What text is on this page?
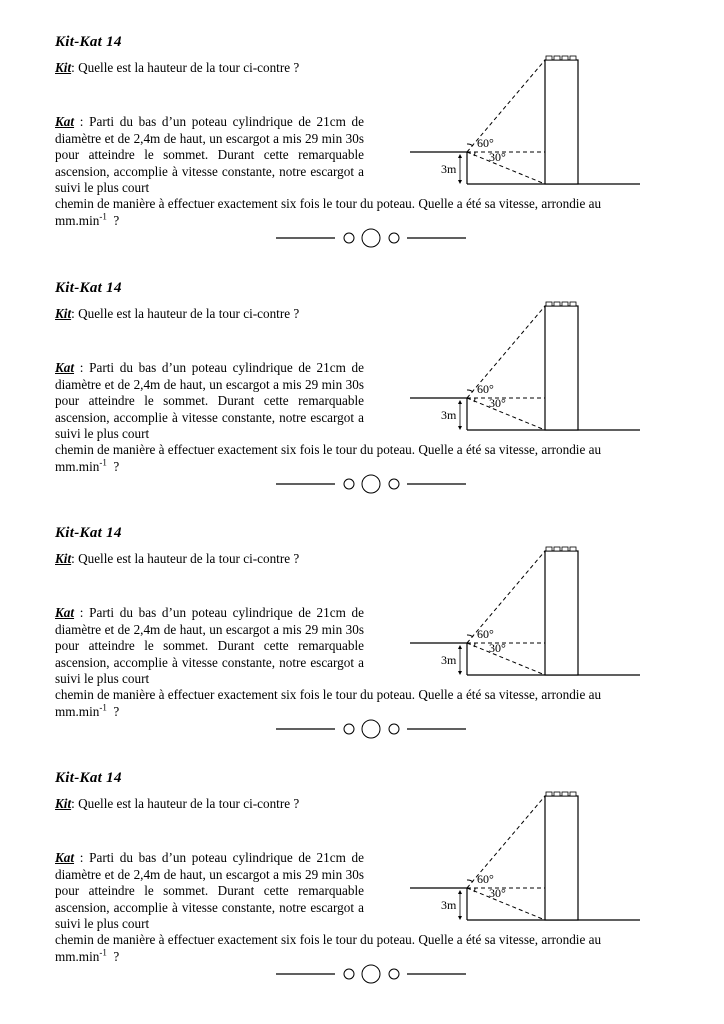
Kit-Kat 14
Kit: Quelle est la hauteur de la tour ci-contre ?

Kat : Parti du bas d’un poteau cylindrique de 21cm de diamètre et de 2,4m de haut, un escargot a mis 29 min 30s pour atteindre le sommet. Durant cette remarquable ascension, accomplie à vitesse constante, notre escargot a suivi le plus court

chemin de manière à effectuer exactement six fois le tour du poteau. Quelle a été sa vitesse, arrondie au

$mm.\min^{-1}$  ?

60°
30°
3m
Kit-Kat 14
Kit: Quelle est la hauteur de la tour ci-contre ?

Kat : Parti du bas d’un poteau cylindrique de 21cm de diamètre et de 2,4m de haut, un escargot a mis 29 min 30s pour atteindre le sommet. Durant cette remarquable ascension, accomplie à vitesse constante, notre escargot a suivi le plus court

chemin de manière à effectuer exactement six fois le tour du poteau. Quelle a été sa vitesse, arrondie au

$mm.\min^{-1}$  ?

60°
30°
3m
Kit-Kat 14
Kit: Quelle est la hauteur de la tour ci-contre ?

Kat : Parti du bas d’un poteau cylindrique de 21cm de diamètre et de 2,4m de haut, un escargot a mis 29 min 30s pour atteindre le sommet. Durant cette remarquable ascension, accomplie à vitesse constante, notre escargot a suivi le plus court

chemin de manière à effectuer exactement six fois le tour du poteau. Quelle a été sa vitesse, arrondie au

$mm.\min^{-1}$  ?

60°
30°
3m
Kit-Kat 14
Kit: Quelle est la hauteur de la tour ci-contre ?

Kat : Parti du bas d’un poteau cylindrique de 21cm de diamètre et de 2,4m de haut, un escargot a mis 29 min 30s pour atteindre le sommet. Durant cette remarquable ascension, accomplie à vitesse constante, notre escargot a suivi le plus court

chemin de manière à effectuer exactement six fois le tour du poteau. Quelle a été sa vitesse, arrondie au

$mm.\min^{-1}$  ?

60°
30°
3m
